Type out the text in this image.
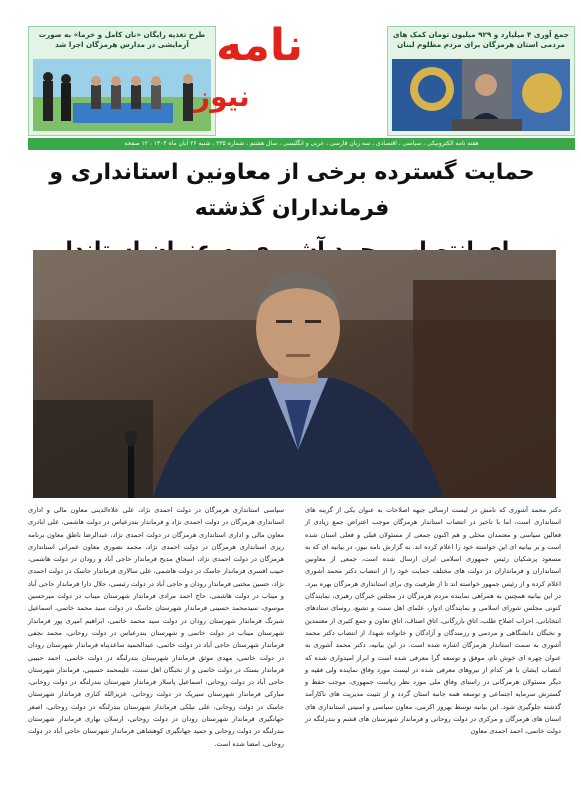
جمع آوری ۴ میلیارد و ۹۲۹ میلیون تومان کمک های مردمی استان هرمزگان برای مردم مظلوم لبنان
طرح تغذیه رایگان «نان کامل و خرما» به صورت آزمایشی در مدارس هرمزگان اجرا شد نامه
نیوز
هفته نامه الکترونیکی ، سیاسی ، اقتصادی ، سه زبان فارسی ، عربی و انگلیسی ، سال هشتم ، شماره ۲۳۵ ، شنبه ۲۶ آبان ماه ۱۴۰۳ ، ۱۲ صفحه
حمایت گسترده برخی از معاونین استانداری و فرمانداران گذشته

دکتر محمد آشوری که نامش در لیست ارسالی جبهه اصلاحات به عنوان یکی از گزینه های استانداری است، اما با تاخیر در انتصاب استاندار هرمزگان موجب اعتراض جمع زیادی از فعالین سیاسی و معتمدان محلی و هم اکنون جمعی از مسئولان قبلی و فعلی استان شده است و بر بیانیه ای این خواسته خود را اعلام کرده اند. به گزارش نامه نیوز، در بیانیه ای که به مسعود پزشکیان رئیس جمهوری اسلامی ایران ارسال شده است، جمعی از معاونین استانداران و فرمانداران در دولت های مختلف حمایت خود را از انتصاب دکتر محمد آشوری اعلام کرده و از رئیس جمهور خواسته اند تا از ظرفیت وی برای استانداری هرمزگان بهره ببرد. در این بیانیه همچنین به همراهی نماینده مردم هرمزگان در مجلس خبرگان رهبری، نمایندگان کنونی مجلس شورای اسلامی و نمایندگان ادوار، علمای اهل سنت و تشیع، روسای ستادهای انتخاباتی، احزاب اصلاح طلب، اتاق بازرگانی، اتاق اصناف، اتاق تعاون و جمع کثیری از معتمدین و نخبگان دانشگاهی و مردمی و رزمندگان و آزادگان و خانواده شهدا، از انتصاب دکتر محمد آشوری به سمت استاندار هرمزگان اشاره شده است. در این بیانیه، دکتر محمد آشوری به عنوان چهره ای خوش نام، موفق و توسعه گرا معرفی شده است و ابراز امیدواری شده که انتصاب ایشان با هر کدام از نیروهای معرفی شده در لیست مورد وفاق نماینده ولی فقیه و دیگر مسئولان هرمزگانی در راستای وفاق ملی مورد نظر ریاست جمهوری، موجب حفظ و گسترش سرمایه اجتماعی و توسعه همه جانبه استان گردد و از تثبیت مدیریت های ناکارآمد گذشته جلوگیری شود. این بیانیه توسط بهروز اکرمی، معاون سیاسی و امنیتی استانداری های استان های هرمزگان و مرکزی در دولت روحانی و فرماندار شهرستان های قشم و بندرلنگه در دولت خاتمی، احمد احمدی معاون

سیاسی استانداری هرمزگان در دولت احمدی نژاد، علی علاءالدینی معاون مالی و اداری استانداری هرمزگان در دولت احمدی نژاد و فرماندار بندرعباس در دولت هاشمی، علی ابادری معاون مالی و اداری استانداری هرمزگان در دولت احمدی نژاد، عبدالرضا ناطق معاون برنامه ریزی استانداری هرمزگان در دولت احمدی نژاد، محمد نصوری معاون عمرانی استانداری هرمزگان در دولت احمدی نژاد، اسحاق مدیح فرماندار حاجی آباد و رودان در دولت هاشمی، حبیب افسری فرماندار جاسک در دولت هاشمی، علی سالاری فرماندار جاسک در دولت احمدی نژاد، حسین مختبی فرماندار رودان و حاجی آباد در دولت رئیسی، جلال دارا فرماندار حاجی آباد و میناب در دولت هاشمی، حاج احمد مرادی فرماندار شهرستان میناب در دولت میرحسین موسوی، سیدمحمد حسینی فرماندار شهرستان جاسک در دولت سید محمد خاتمی، اسماعیل شبرنگ فرماندار شهرستان رودان در دولت سید محمد خاتمی، ابراهیم امیری پور فرماندار شهرستان میناب در دولت خاتمی و شهرستان بندرعباس در دولت روحانی، محمد نجفی فرماندار شهرستان حاجی آباد در دولت خاتمی، عبدالحمید ساعدپناه فرماندار شهرستان رودان در دولت خاتمی، مهدی موثق فرماندار شهرستان بندرلنگه در دولت خاتمی، احمد حبیبی فرماندار بستک در دولت خاتمی و از نخبگان اهل سنت، علیمحمد حسینی، فرماندار شهرستان حاجی آباد در دولت روحانی، اسماعیل پاسلار فرماندار شهرستان بندرلنگه در دولت روحانی، مبارکی فرماندار شهرستان سیریک در دولت روحانی، عزیزالله کناری فرماندار شهرستان جاسک در دولت روحانی، علی تیلکی فرماندار شهرستان بندرلنگه در دولت روحانی، اصغر جهانگیری فرماندار شهرستان رودان در دولت روحانی، ارسلان بهاری فرماندار شهرستان بندرلنگه در دولت روحانی و حمید جهانگیری کوهشاهی فرماندار شهرستان حاجی آباد در دولت روحانی، امضا شده است.
